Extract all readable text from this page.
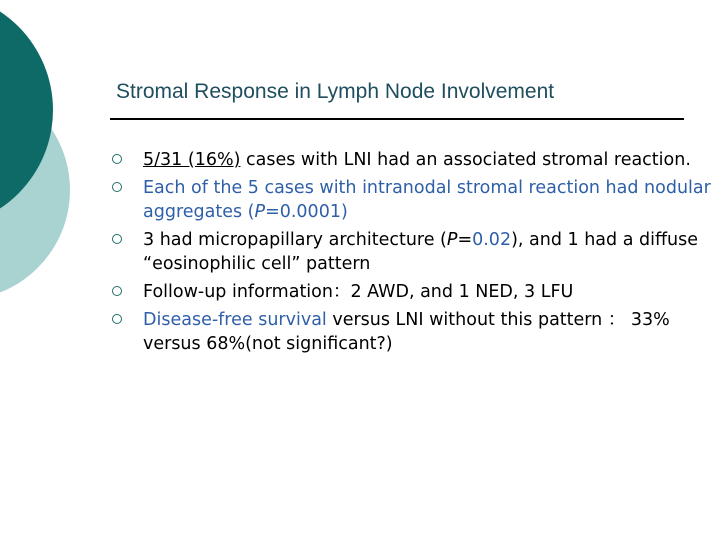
Stromal Response in Lymph Node Involvement
5/31 (16%) cases with LNI had an associated stromal reaction.
Each of the 5 cases with intranodal stromal reaction had nodular aggregates (P=0.0001)
3 had micropapillary architecture (P=0.02), and 1 had a diffuse “eosinophilic cell” pattern
Follow-up information：2 AWD, and 1 NED, 3 LFU
Disease-free survival versus LNI without this pattern ： 33% versus 68%(not significant?)
